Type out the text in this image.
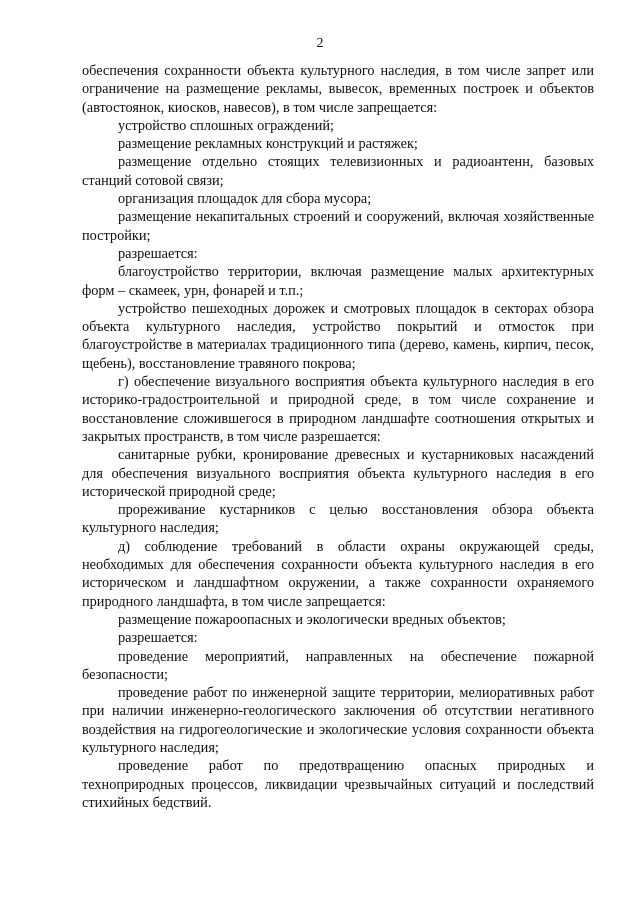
2

обеспечения сохранности объекта культурного наследия, в том числе запрет или ограничение на размещение рекламы, вывесок, временных построек и объектов (автостоянок, киосков, навесов), в том числе запрещается:

устройство сплошных ограждений;

размещение рекламных конструкций и растяжек;

размещение отдельно стоящих телевизионных и радиоантенн, базовых станций сотовой связи;

организация площадок для сбора мусора;

размещение некапитальных строений и сооружений, включая хозяйственные постройки;

разрешается:

благоустройство территории, включая размещение малых архитектурных форм – скамеек, урн, фонарей и т.п.;

устройство пешеходных дорожек и смотровых площадок в секторах обзора объекта культурного наследия, устройство покрытий и отмосток при благоустройстве в материалах традиционного типа (дерево, камень, кирпич, песок, щебень), восстановление травяного покрова;

г) обеспечение визуального восприятия объекта культурного наследия в его историко-градостроительной и природной среде, в том числе сохранение и восстановление сложившегося в природном ландшафте соотношения открытых и закрытых пространств, в том числе разрешается:

санитарные рубки, кронирование древесных и кустарниковых насаждений для обеспечения визуального восприятия объекта культурного наследия в его исторической природной среде;

прореживание кустарников с целью восстановления обзора объекта культурного наследия;

д) соблюдение требований в области охраны окружающей среды, необходимых для обеспечения сохранности объекта культурного наследия в его историческом и ландшафтном окружении, а также сохранности охраняемого природного ландшафта, в том числе запрещается:

размещение пожароопасных и экологически вредных объектов;

разрешается:

проведение мероприятий, направленных на обеспечение пожарной безопасности;

проведение работ по инженерной защите территории, мелиоративных работ при наличии инженерно-геологического заключения об отсутствии негативного воздействия на гидрогеологические и экологические условия сохранности объекта культурного наследия;

проведение работ по предотвращению опасных природных и техноприродных процессов, ликвидации чрезвычайных ситуаций и последствий стихийных бедствий.
